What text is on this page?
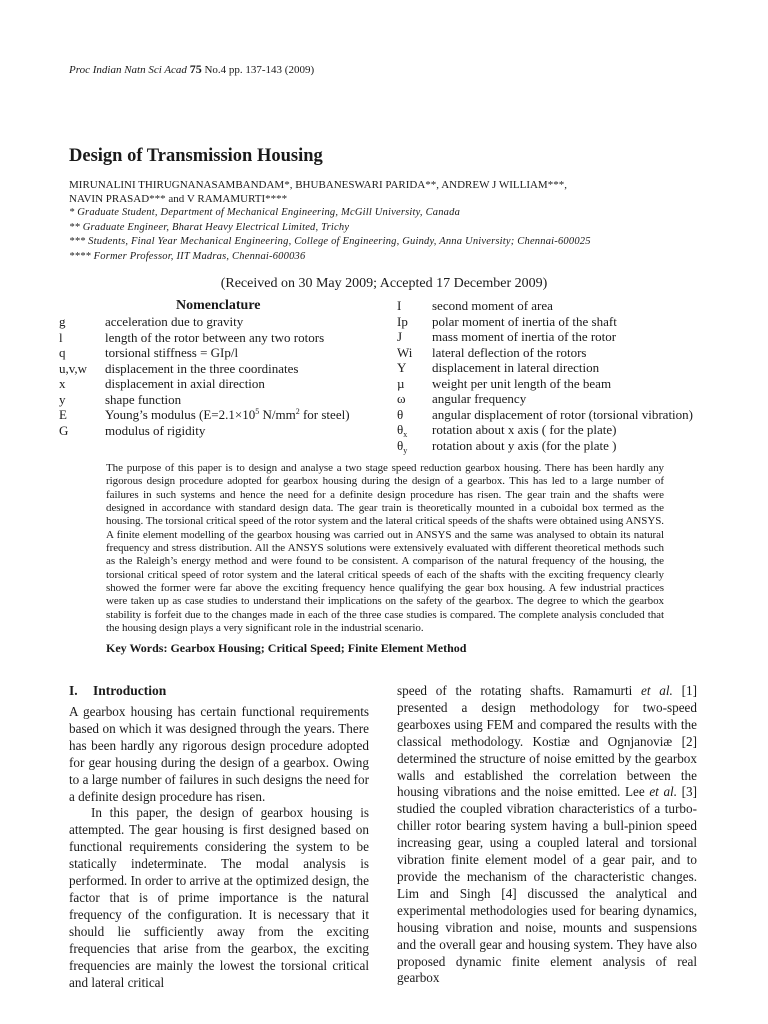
Proc Indian Natn Sci Acad 75 No.4 pp. 137-143 (2009)
Design of Transmission Housing
MIRUNALINI THIRUGNANASAMBANDAM*, BHUBANESWARI PARIDA**, ANDREW J WILLIAM***,
NAVIN PRASAD*** and V RAMAMURTI****
* Graduate Student, Department of Mechanical Engineering, McGill University, Canada
** Graduate Engineer, Bharat Heavy Electrical Limited, Trichy
*** Students, Final Year Mechanical Engineering, College of Engineering, Guindy, Anna University; Chennai-600025
**** Former Professor, IIT Madras, Chennai-600036
(Received on 30 May 2009; Accepted 17 December 2009)
Nomenclature
g	acceleration due to gravity
l	length of the rotor between any two rotors
q	torsional stiffness = GIp/l
u,v,w displacement in the three coordinates
x	displacement in axial direction
y	shape function
E	Young’s modulus ($E=2.1\times 10^5$ $N/mm^2$ for steel)
G	modulus of rigidity
I second moment of area
Ip polar moment of inertia of the shaft
J mass moment of inertia of the rotor
Wi lateral deflection of the rotors
Y displacement in lateral direction
µ weight per unit length of the beam
ω angular frequency
θ angular displacement of rotor (torsional vibration)
$\theta_x$ rotation about x axis ( for the plate)
$\theta_y$ rotation about y axis (for the plate )
The purpose of this paper is to design and analyse a two stage speed reduction gearbox housing. There has been hardly any rigorous design procedure adopted for gearbox housing during the design of a gearbox. This has led to a large number of failures in such systems and hence the need for a definite design procedure has risen. The gear train and the shafts were designed in accordance with standard design data. The gear train is theoretically mounted in a cuboidal box termed as the housing. The torsional critical speed of the rotor system and the lateral critical speeds of the shafts were obtained using ANSYS. A finite element modelling of the gearbox housing was carried out in ANSYS and the same was analysed to obtain its natural frequency and stress distribution. All the ANSYS solutions were extensively evaluated with different theoretical methods such as the Raleigh’s energy method and were found to be consistent. A comparison of the natural frequency of the housing, the torsional critical speed of rotor system and the lateral critical speeds of each of the shafts with the exciting frequency clearly showed the former were far above the exciting frequency hence qualifying the gear box housing. A few industrial practices were taken up as case studies to understand their implications on the safety of the gearbox. The degree to which the gearbox stability is forfeit due to the changes made in each of the three case studies is compared. The complete analysis concluded that the housing design plays a very significant role in the industrial scenario.
Key Words: Gearbox Housing; Critical Speed; Finite Element Method
I. Introduction

A gearbox housing has certain functional requirements based on which it was designed through the years. There has been hardly any rigorous design procedure adopted for gear housing during the design of a gearbox. Owing to a large number of failures in such designs the need for a definite design procedure has risen.

In this paper, the design of gearbox housing is attempted. The gear housing is first designed based on functional requirements considering the system to be statically indeterminate. The modal analysis is performed. In order to arrive at the optimized design, the factor that is of prime importance is the natural frequency of the configuration. It is necessary that it should lie sufficiently away from the exciting frequencies that arise from the gearbox, the exciting frequencies are mainly the lowest the torsional critical and lateral critical

speed of the rotating shafts. Ramamurti et al. [1] presented a design methodology for two-speed gearboxes using FEM and compared the results with the classical methodology. Kostiæ and Ognjanoviæ [2] determined the structure of noise emitted by the gearbox walls and established the correlation between the housing vibrations and the noise emitted. Lee et al. [3] studied the coupled vibration characteristics of a turbo-chiller rotor bearing system having a bull-pinion speed increasing gear, using a coupled lateral and torsional vibration finite element model of a gear pair, and to provide the mechanism of the characteristic changes. Lim and Singh [4] discussed the analytical and experimental methodologies used for bearing dynamics, housing vibration and noise, mounts and suspensions and the overall gear and housing system. They have also proposed dynamic finite element analysis of real gearbox
